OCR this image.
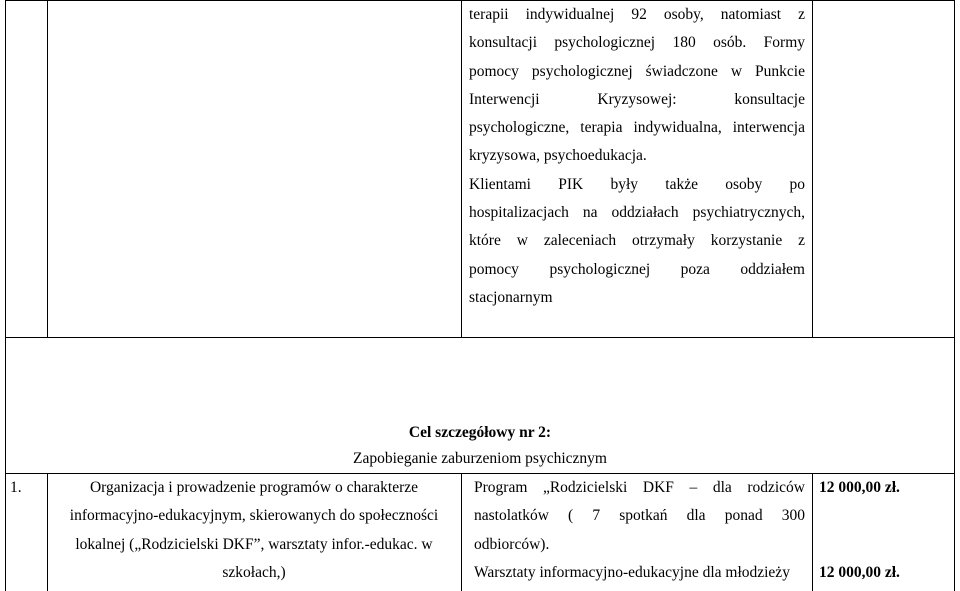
terapii indywidualnej 92 osoby, natomiast z
konsultacji psychologicznej 180 osób. Formy
pomocy psychologicznej świadczone w Punkcie
Interwencji Kryzysowej: konsultacje
psychologiczne, terapia indywidualna, interwencja
kryzysowa, psychoedukacja.
Klientami PIK były także osoby po
hospitalizacjach na oddziałach psychiatrycznych,
które w zaleceniach otrzymały korzystanie z
pomocy psychologicznej poza oddziałem
stacjonarnym
Cel szczegółowy nr 2:
Zapobieganie zaburzeniom psychicznym
1.	Organizacja i prowadzenie programów o charakterze
informacyjno-edukacyjnym, skierowanych do społeczności
lokalnej („Rodzicielski DKF”, warsztaty infor.-edukac. w
szkołach,)
Program „Rodzicielski DKF – dla rodziców
nastolatków ( 7 spotkań dla ponad 300
odbiorców).
Warsztaty informacyjno-edukacyjne dla młodzieży
12 000,00 zł.
12 000,00 zł.
